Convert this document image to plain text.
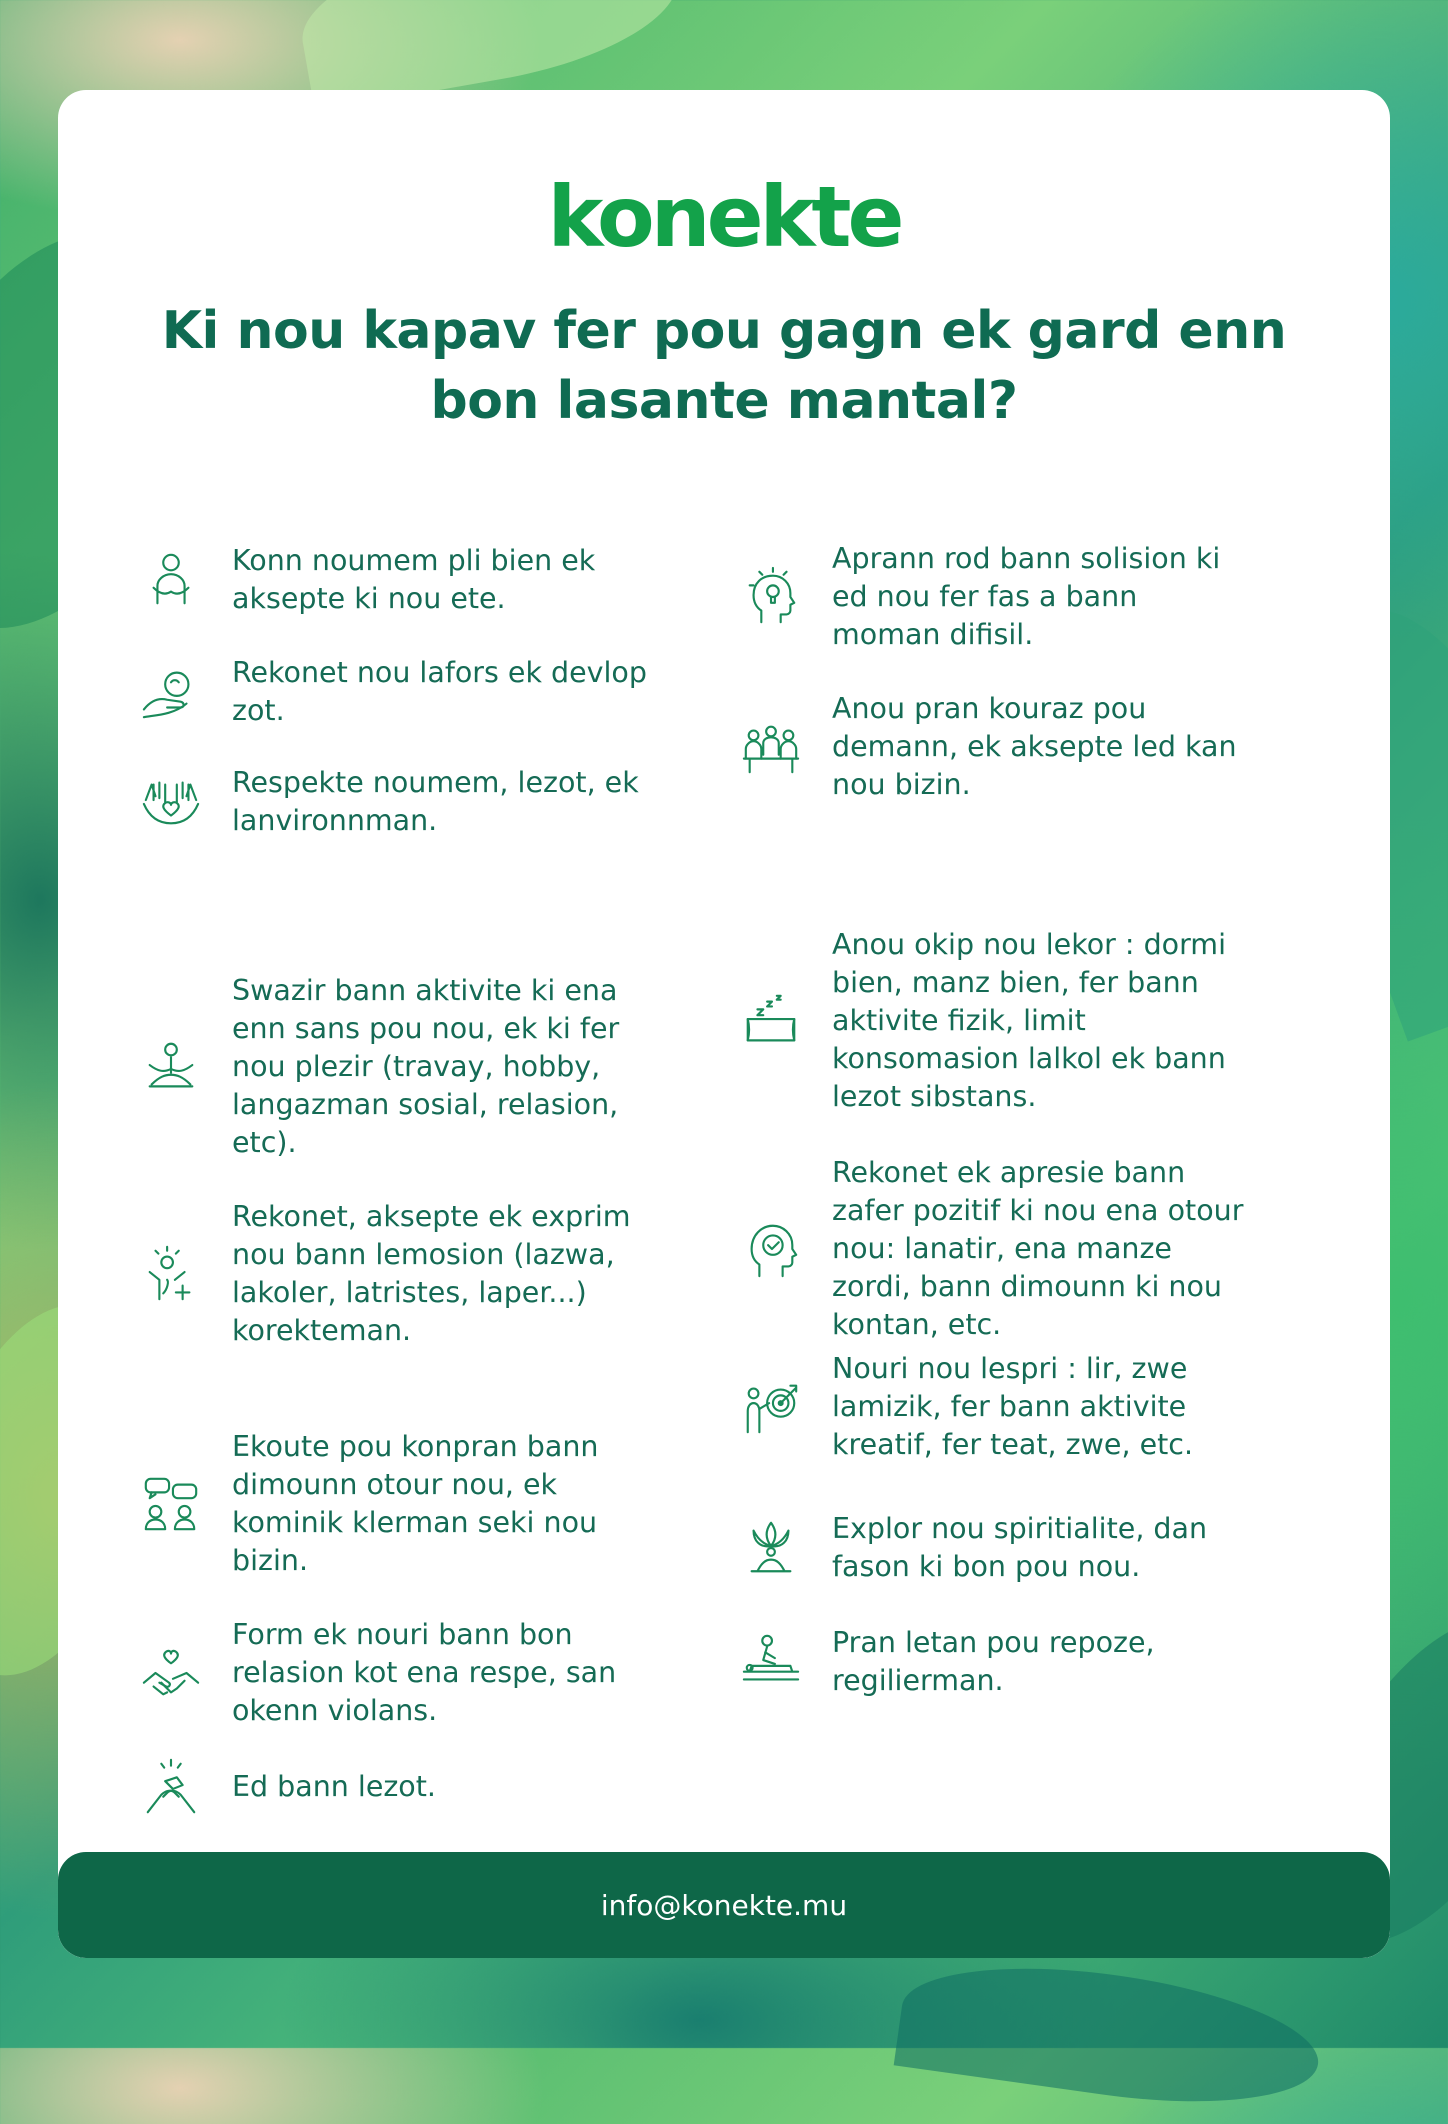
konekte
Ki nou kapav fer pou gagn ek gard enn bon lasante mantal?
Konn noumem pli bien ek aksepte ki nou ete.
Rekonet nou lafors ek devlop zot.
Respekte noumem, lezot, ek lanvironnman.
Swazir bann aktivite ki ena enn sans pou nou, ek ki fer nou plezir (travay, hobby, langazman sosial, relasion, etc).
Rekonet, aksepte ek exprim nou bann lemosion (lazwa, lakoler, latristes, laper...) korekteman.
Ekoute pou konpran bann dimounn otour nou, ek kominik klerman seki nou bizin.
Form ek nouri bann bon relasion kot ena respe, san okenn violans.
Ed bann lezot.
Aprann rod bann solision ki ed nou fer fas a bann moman difisil.
Anou pran kouraz pou demann, ek aksepte led kan nou bizin.
Anou okip nou lekor : dormi bien, manz bien, fer bann aktivite fizik, limit konsomasion lalkol ek bann lezot sibstans.
Rekonet ek apresie bann zafer pozitif ki nou ena otour nou: lanatir, ena manze zordi, bann dimounn ki nou kontan, etc.
Nouri nou lespri : lir, zwe lamizik, fer bann aktivite kreatif, fer teat, zwe, etc.
Explor nou spiritialite, dan fason ki bon pou nou.
Pran letan pou repoze, regilierman.
info@konekte.mu
